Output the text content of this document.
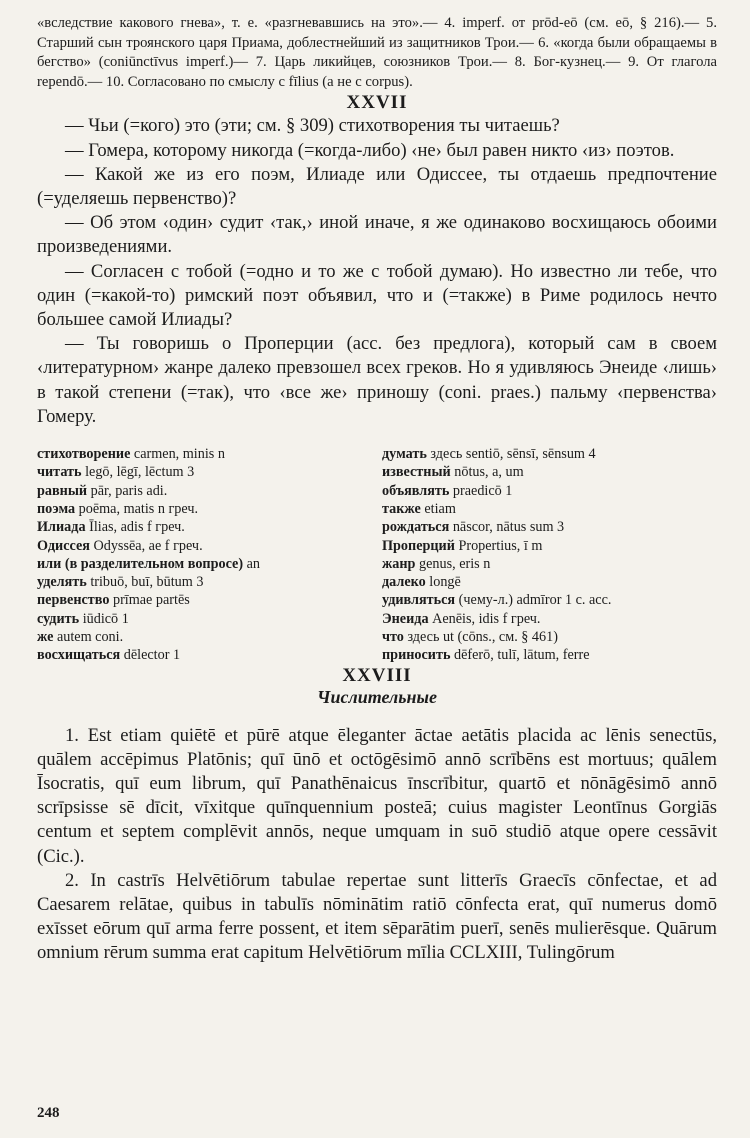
«вследствие какового гнева», т. е. «разгневавшись на это».— 4. imperf. от prōd-eō (см. eō, § 216).— 5. Старший сын троянского царя Приама, доблестнейший из защитников Трои.— 6. «когда были обращаемы в бегство» (coniūnctīvus imperf.)— 7. Царь ликийцев, союзников Трои.— 8. Бог-кузнец.— 9. От глагола rependō.— 10. Согласовано по смыслу с fīlius (а не с corpus).

XXVII

— Чьи (=кого) это (эти; см. § 309) стихотворения ты читаешь?

— Гомера, которому никогда (=когда-либо) ‹не› был равен никто ‹из› поэтов.

— Какой же из его поэм, Илиаде или Одиссее, ты отдаешь предпочтение (=уделяешь первенство)?

— Об этом ‹один› судит ‹так,› иной иначе, я же одинаково восхищаюсь обоими произведениями.

— Согласен с тобой (=одно и то же с тобой думаю). Но известно ли тебе, что один (=какой-то) римский поэт объявил, что и (=также) в Риме родилось нечто большее самой Илиады?

— Ты говоришь о Проперции (acc. без предлога), который сам в своем ‹литературном› жанре далеко превзошел всех греков. Но я удивляюсь Энеиде ‹лишь› в такой степени (=так), что ‹все же› приношу (coni. praes.) пальму ‹первенства› Гомеру.

стихотворение carmen, minis n
читать legō, lēgī, lēctum 3
равный pār, paris adi.
поэма poēma, matis n греч.
Илиада Īlias, adis f греч.
Одиссея Odyssēa, ae f греч.
или (в разделительном вопросе) an
уделять tribuō, buī, būtum 3
первенство prīmae partēs
судить iūdicō 1
же autem coni.
восхищаться dēlector 1
думать здесь sentiō, sēnsī, sēnsum 4
известный nōtus, a, um
объявлять praedicō 1
также etiam
рождаться nāscor, nātus sum 3
Проперций Propertius, ī m
жанр genus, eris n
далеко longē
удивляться (чему-л.) admīror 1 c. acc.
Энеида Aenēis, idis f греч.
что здесь ut (cōns., см. § 461)
приносить dēferō, tulī, lātum, ferre
XXVIII
Числительные

1. Est etiam quiētē et pūrē atque ēleganter āctae aetātis placida ac lēnis senectūs, quālem accēpimus Platōnis; quī ūnō et octōgēsimō annō scrībēns est mortuus; quālem Īsocratis, quī eum librum, quī Panathēnaicus īnscrībitur, quartō et nōnāgēsimō annō scrīpsisse sē dīcit, vīxitque quīnquennium posteā; cuius magister Leontīnus Gorgiās centum et septem complēvit annōs, neque umquam in suō studiō atque opere cessāvit (Cic.).

2. In castrīs Helvētiōrum tabulae repertae sunt litterīs Graecīs cōnfectae, et ad Caesarem relātae, quibus in tabulīs nōminātim ratiō cōnfecta erat, quī numerus domō exīsset eōrum quī arma ferre possent, et item sēparātim puerī, senēs mulierēsque. Quārum omnium rērum summa erat capitum Helvētiōrum mīlia CCLXIII, Tulingōrum

248
